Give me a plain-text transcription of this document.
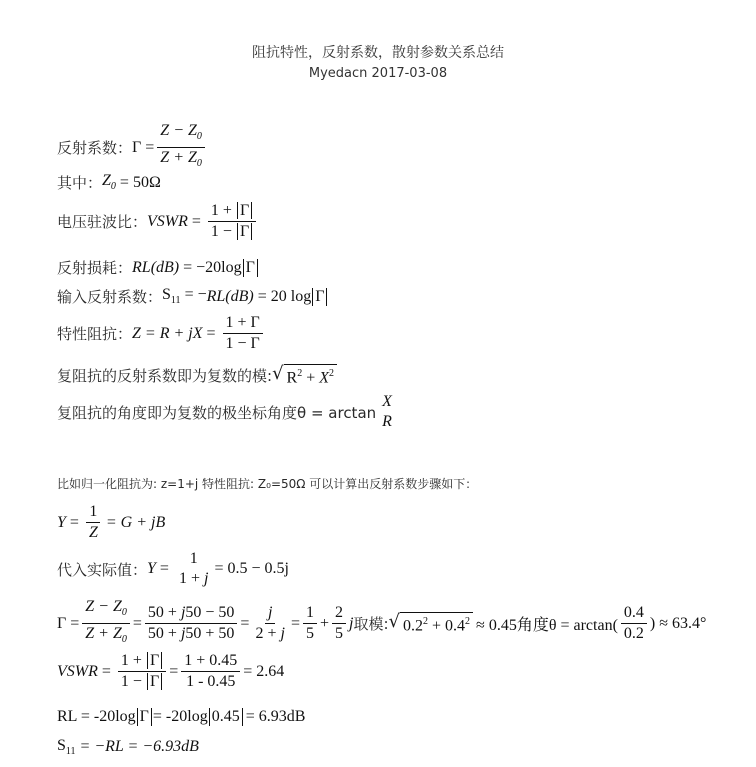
阻抗特性，反射系数，散射参数关系总结
Myedacn 2017-03-08
反射系数： $\Gamma = \frac{Z - Z_0}{Z + Z_0}$
其中： $Z_0 = 50\Omega$
电压驻波比： VSWR = $\frac{1 + \Gamma}{1 - \Gamma}$
反射损耗： RL(dB) = −20log Γ
输入反射系数： $S_{11}$ = − RL(dB) = 20 log Γ
特性阻抗： Z = R + jX = $\frac{1 + \Gamma}{1 - \Gamma}$
复阻抗的反射系数即为复数的模: √ $R^2 + X^2$
复阻抗的角度即为复数的极坐标角度θ = arctan
X
R
比如归一化阻抗为: z=1+j 特性阻抗: Z₀=50Ω 可以计算出反射系数步骤如下：
$Y = \frac{1}{Z} = G$ + jB
代入实际值： Y =
1
1 + j
= 0.5 − 0.5j
$\Gamma = \frac{Z - Z_0}{Z + Z_0} = \frac{50 + j50 - 50}{50 + j50 + 50} = \frac{j}{2 + j} = \frac{1}{5} + \frac{2}{5}$ j 取模: √ $0.2^2 + 0.4^2 \approx 0.45$角度$\theta = \arctan( \frac{0.4}{0.2}$ ) ≈ 63.4°
VSWR = $\frac{1 + \Gamma}{1 - \Gamma} = \frac{1 + 0.45}{1 - 0.45} = 2.64$
RL = -20log Γ = -20log 0.45 = 6.93dB
$S_{11} = -RL = -6.93dB$
